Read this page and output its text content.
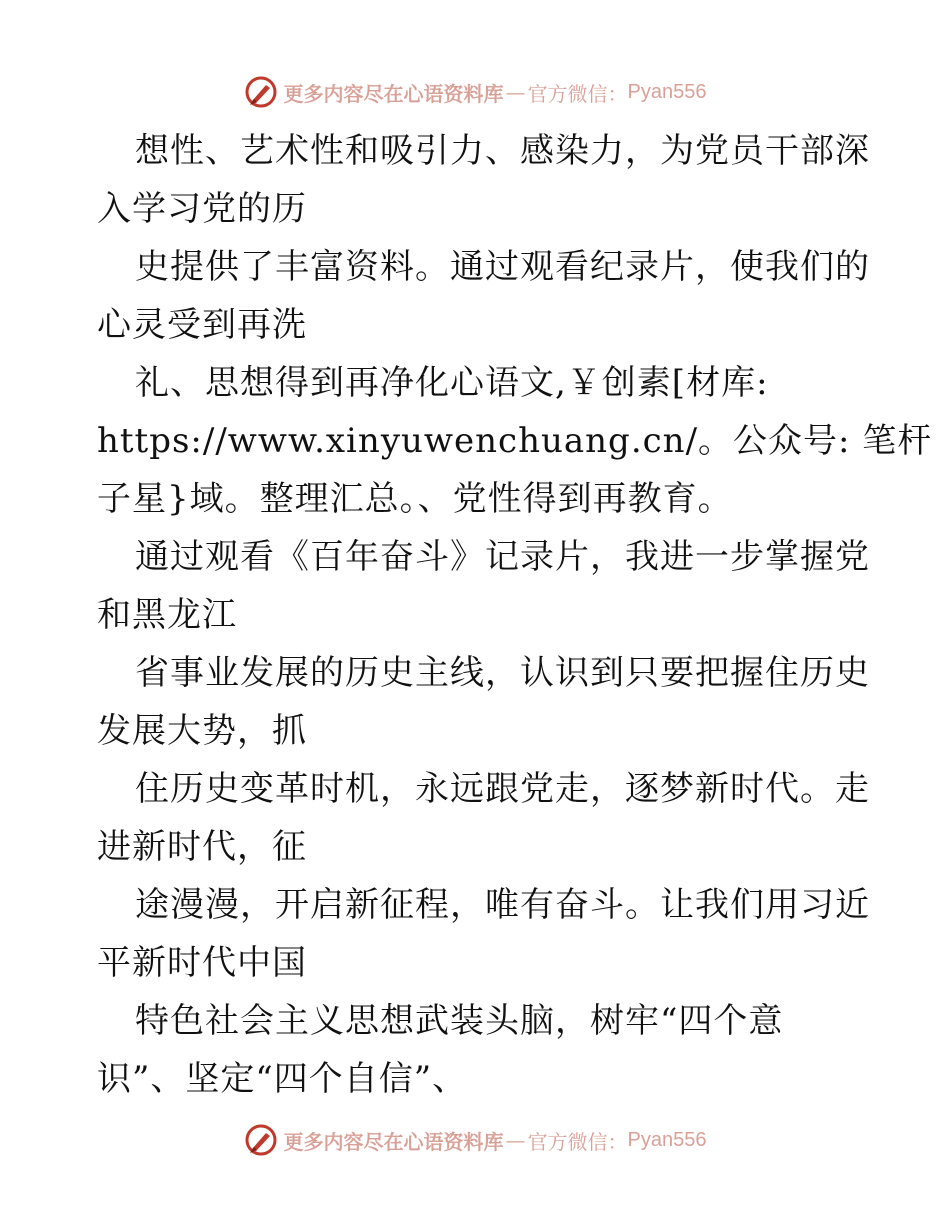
更多内容尽在心语资料库 — 官方微信： Pyan556
想性、艺术性和吸引力、感染力，为党员干部深
入学习党的历
史提供了丰富资料。通过观看纪录片，使我们的
心灵受到再洗
礼、思想得到再净化心语文,￥创素[材库:
https://www.xinyuwenchuang.cn/。公众号: 笔杆
子星}域。整理汇总。、党性得到再教育。
通过观看《百年奋斗》记录片，我进一步掌握党
和黑龙江
省事业发展的历史主线，认识到只要把握住历史
发展大势，抓
住历史变革时机，永远跟党走，逐梦新时代。走
进新时代，征
途漫漫，开启新征程，唯有奋斗。让我们用习近
平新时代中国
特色社会主义思想武装头脑，树牢“四个意
识”、坚定“四个自信”、
更多内容尽在心语资料库 — 官方微信： Pyan556
